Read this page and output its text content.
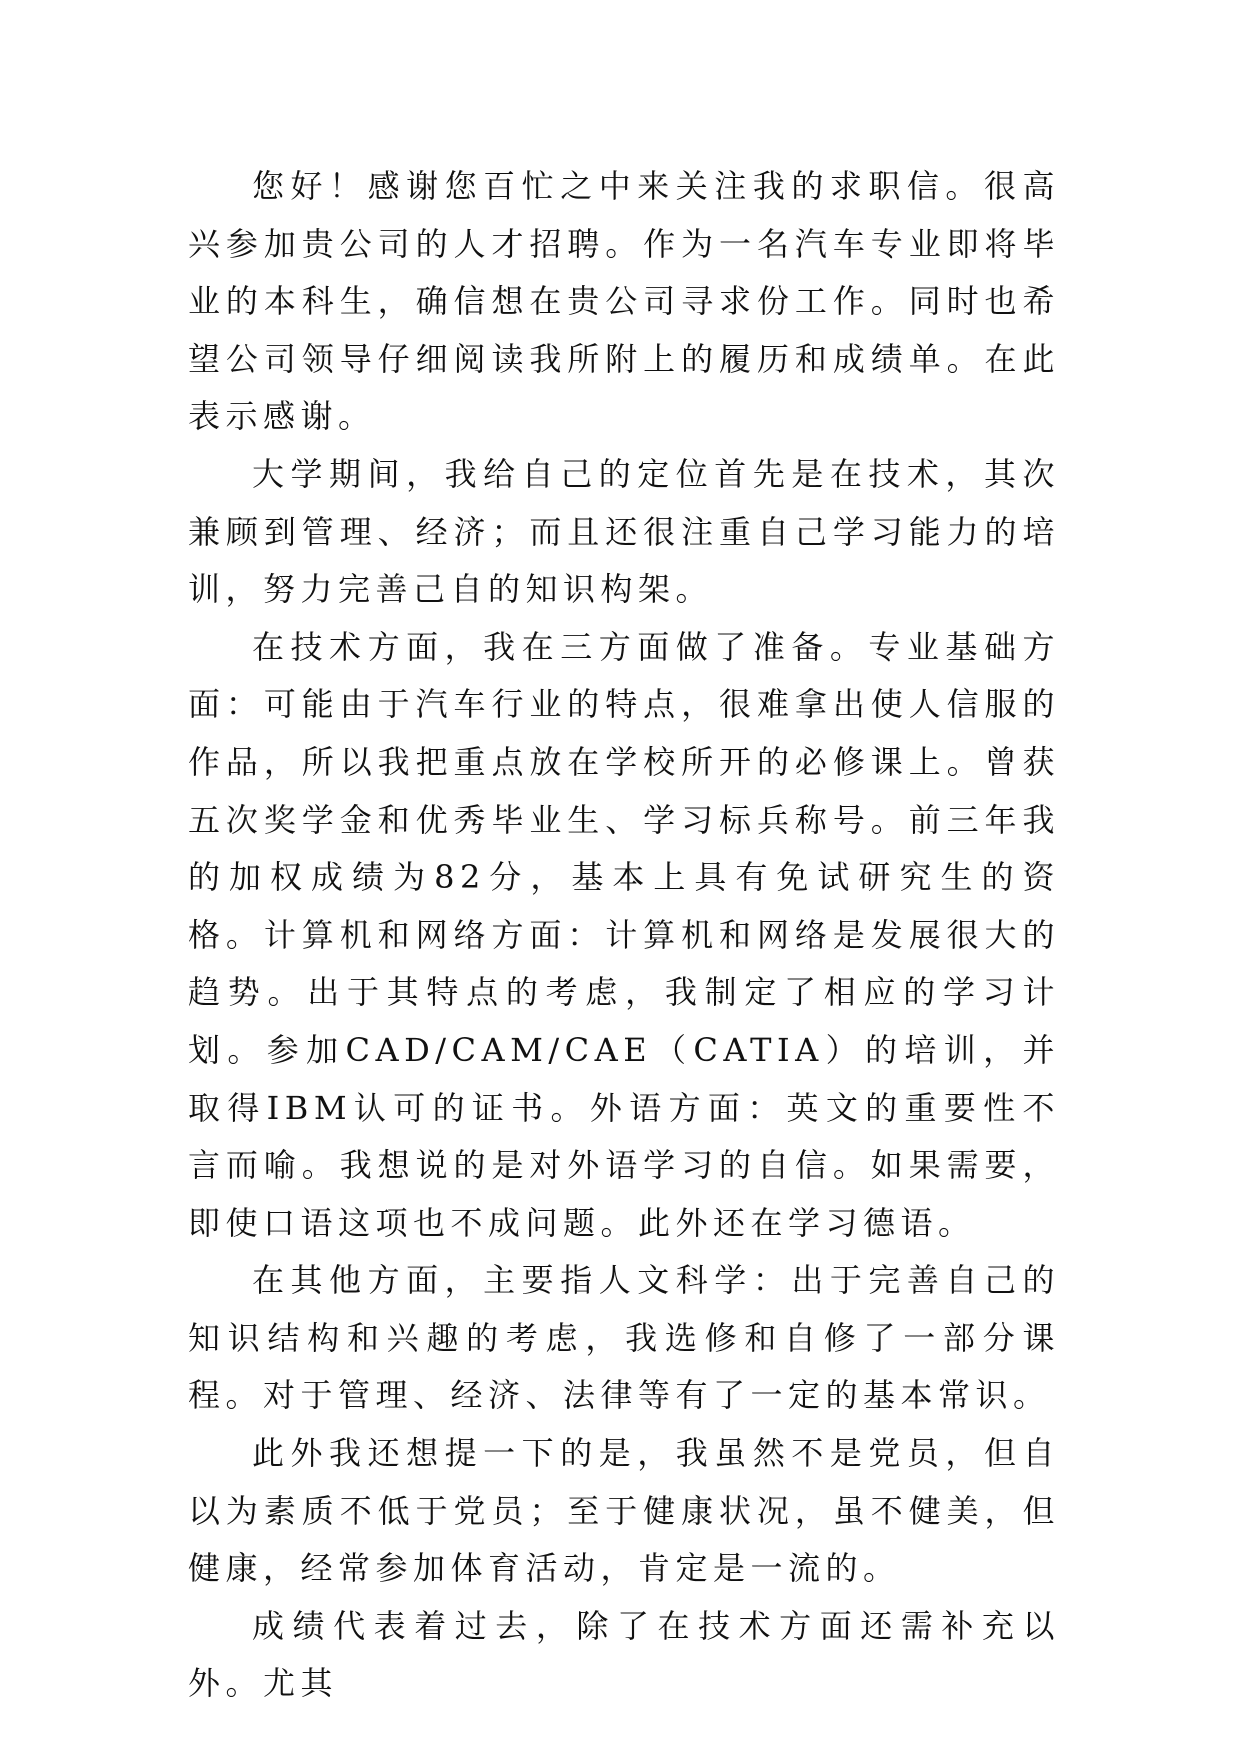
您好！感谢您百忙之中来关注我的求职信。很高兴参加贵公司的人才招聘。作为一名汽车专业即将毕业的本科生，确信想在贵公司寻求份工作。同时也希望公司领导仔细阅读我所附上的履历和成绩单。在此表示感谢。

大学期间，我给自己的定位首先是在技术，其次兼顾到管理、经济；而且还很注重自己学习能力的培训，努力完善己自的知识构架。

在技术方面，我在三方面做了准备。专业基础方面：可能由于汽车行业的特点，很难拿出使人信服的作品，所以我把重点放在学校所开的必修课上。曾获五次奖学金和优秀毕业生、学习标兵称号。前三年我的加权成绩为82分，基本上具有免试研究生的资格。计算机和网络方面：计算机和网络是发展很大的趋势。出于其特点的考虑，我制定了相应的学习计划。参加CAD/CAM/CAE（CATIA）的培训，并取得IBM认可的证书。外语方面：英文的重要性不言而喻。我想说的是对外语学习的自信。如果需要，即使口语这项也不成问题。此外还在学习德语。

在其他方面，主要指人文科学：出于完善自己的知识结构和兴趣的考虑，我选修和自修了一部分课程。对于管理、经济、法律等有了一定的基本常识。

此外我还想提一下的是，我虽然不是党员，但自以为素质不低于党员；至于健康状况，虽不健美，但健康，经常参加体育活动，肯定是一流的。

成绩代表着过去，除了在技术方面还需补充以外。尤其
